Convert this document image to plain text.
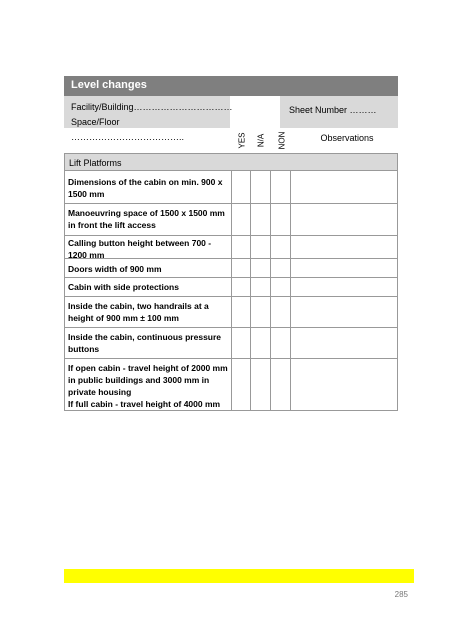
Level changes
Facility/Building……………………………
Space/Floor ………………………………..
Sheet Number ………
YES N/A NON	Observations
Lift Platforms
Dimensions of the cabin on min. 900 x 1500 mm
Manoeuvring space of 1500 x 1500 mm in front the lift access
Calling button height between 700 - 1200 mm
Doors width of 900 mm
Cabin with side protections
Inside the cabin, two handrails at a height of 900 mm ± 100 mm
Inside the cabin, continuous pressure buttons
If open cabin - travel height of 2000 mm in public buildings and 3000 mm in private housing
If full cabin - travel height of 4000 mm
285
